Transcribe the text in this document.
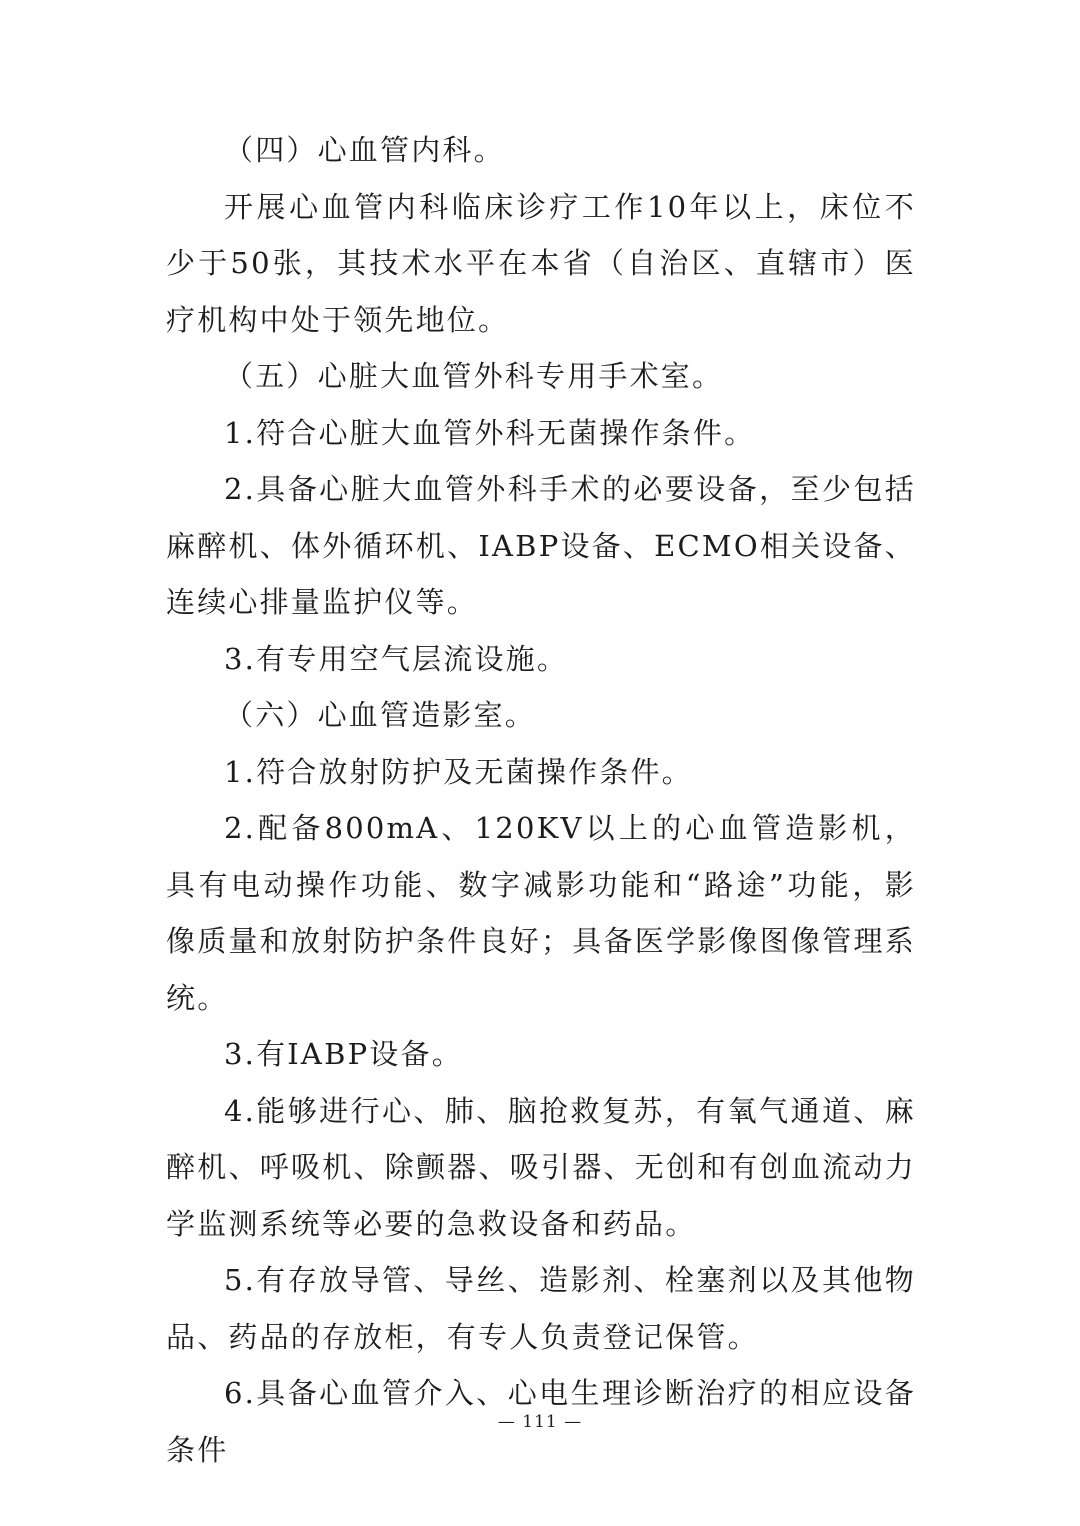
（四）心血管内科。

开展心血管内科临床诊疗工作10年以上，床位不少于50张，其技术水平在本省（自治区、直辖市）医疗机构中处于领先地位。

（五）心脏大血管外科专用手术室。

1.符合心脏大血管外科无菌操作条件。

2.具备心脏大血管外科手术的必要设备，至少包括麻醉机、体外循环机、IABP设备、ECMO相关设备、连续心排量监护仪等。

3.有专用空气层流设施。

（六）心血管造影室。

1.符合放射防护及无菌操作条件。

2.配备800mA、120KV以上的心血管造影机，具有电动操作功能、数字减影功能和“路途”功能，影像质量和放射防护条件良好；具备医学影像图像管理系统。

3.有IABP设备。

4.能够进行心、肺、脑抢救复苏，有氧气通道、麻醉机、呼吸机、除颤器、吸引器、无创和有创血流动力学监测系统等必要的急救设备和药品。

5.有存放导管、导丝、造影剂、栓塞剂以及其他物品、药品的存放柜，有专人负责登记保管。

6.具备心血管介入、心电生理诊断治疗的相应设备条件

— 111 —
